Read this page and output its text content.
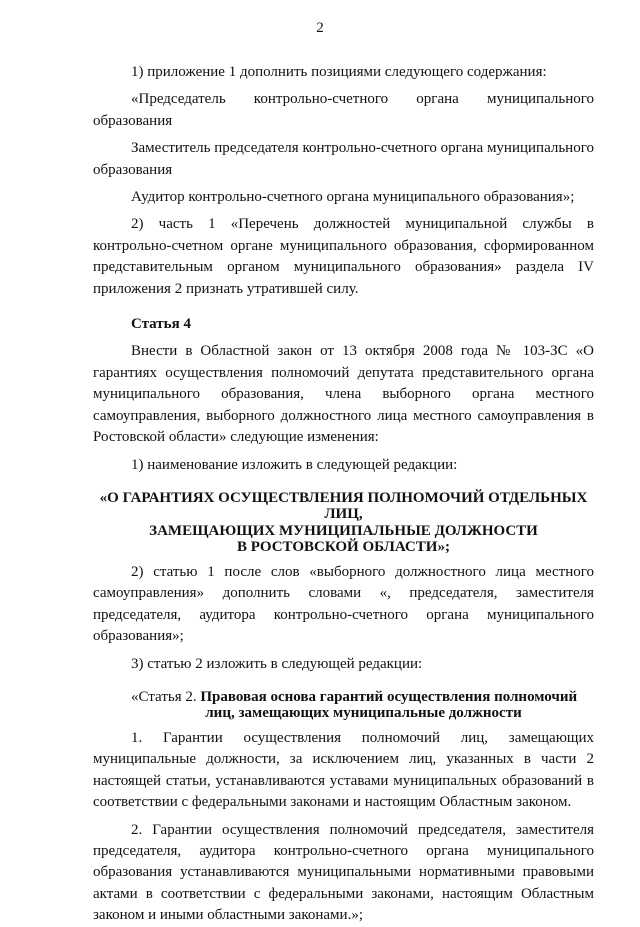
2

1) приложение 1 дополнить позициями следующего содержания:

«Председатель контрольно-счетного органа муниципального образования

Заместитель председателя контрольно-счетного органа муниципального образования

Аудитор контрольно-счетного органа муниципального образования»;

2) часть 1 «Перечень должностей муниципальной службы в контрольно-счетном органе муниципального образования, сформированном представительным органом муниципального образования» раздела IV приложения 2 признать утратившей силу.

Статья 4

Внести в Областной закон от 13 октября 2008 года № 103-ЗС «О гарантиях осуществления полномочий депутата представительного органа муниципального образования, члена выборного органа местного самоуправления, выборного должностного лица местного самоуправления в Ростовской области» следующие изменения:

1) наименование изложить в следующей редакции:

«О ГАРАНТИЯХ ОСУЩЕСТВЛЕНИЯ ПОЛНОМОЧИЙ ОТДЕЛЬНЫХ ЛИЦ,

ЗАМЕЩАЮЩИХ МУНИЦИПАЛЬНЫЕ ДОЛЖНОСТИ

В РОСТОВСКОЙ ОБЛАСТИ»;

2) статью 1 после слов «выборного должностного лица местного самоуправления» дополнить словами «, председателя, заместителя председателя, аудитора контрольно-счетного органа муниципального образования»;

3) статью 2 изложить в следующей редакции:

«Статья 2. Правовая основа гарантий осуществления полномочий
лиц, замещающих муниципальные должности

1. Гарантии осуществления полномочий лиц, замещающих муниципальные должности, за исключением лиц, указанных в части 2 настоящей статьи, устанавливаются уставами муниципальных образований в соответствии с федеральными законами и настоящим Областным законом.

2. Гарантии осуществления полномочий председателя, заместителя председателя, аудитора контрольно-счетного органа муниципального образования устанавливаются муниципальными нормативными правовыми актами в соответствии с федеральными законами, настоящим Областным законом и иными областными законами.»;
